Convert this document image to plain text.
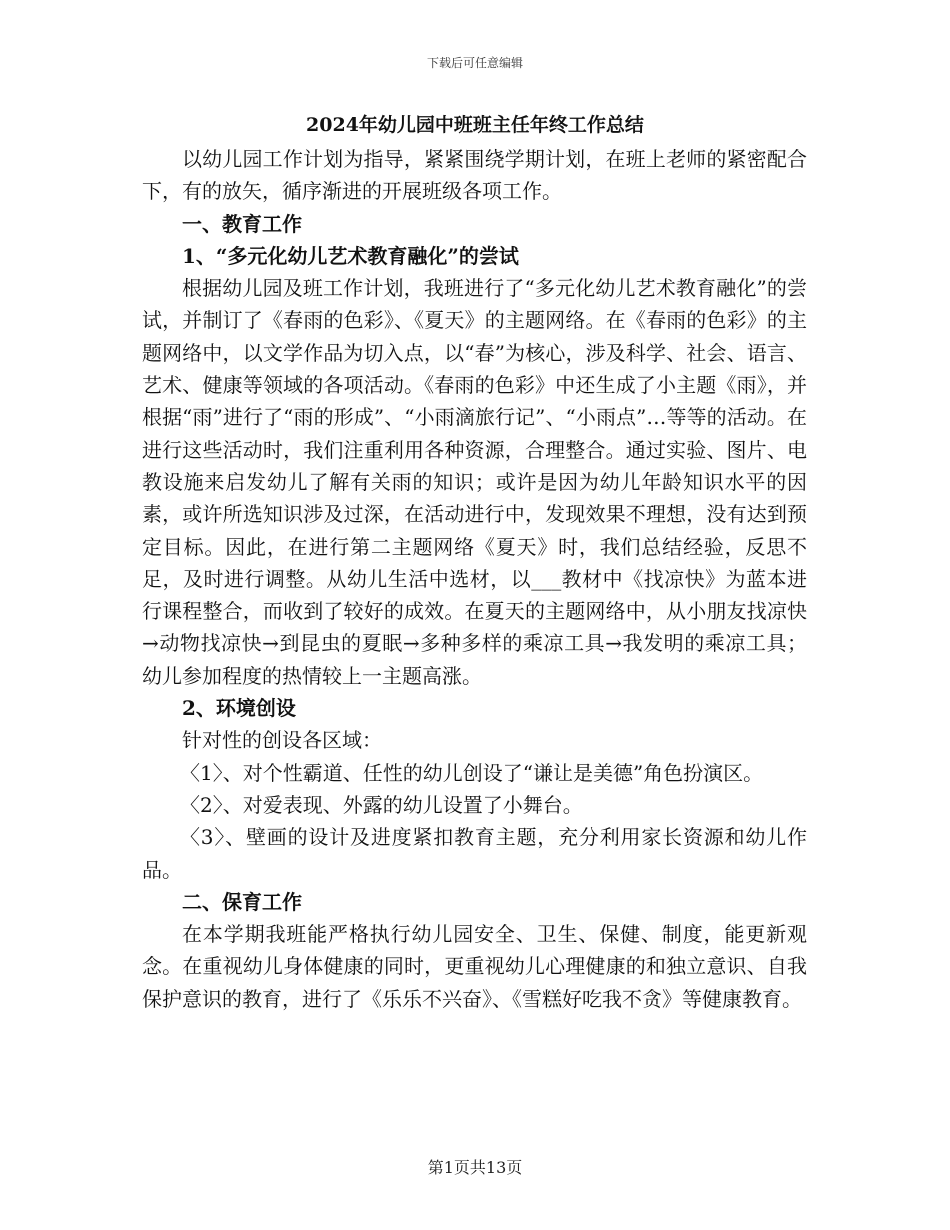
下载后可任意编辑
2024年幼儿园中班班主任年终工作总结

以幼儿园工作计划为指导，紧紧围绕学期计划，在班上老师的紧密配合下，有的放矢，循序渐进的开展班级各项工作。

一、教育工作
1、“多元化幼儿艺术教育融化”的尝试

根据幼儿园及班工作计划，我班进行了“多元化幼儿艺术教育融化”的尝试，并制订了《春雨的色彩》、《夏天》的主题网络。在《春雨的色彩》的主题网络中，以文学作品为切入点，以“春”为核心，涉及科学、社会、语言、艺术、健康等领域的各项活动。《春雨的色彩》中还生成了小主题《雨》，并根据“雨”进行了“雨的形成”、“小雨滴旅行记”、“小雨点”…等等的活动。在进行这些活动时，我们注重利用各种资源，合理整合。通过实验、图片、电教设施来启发幼儿了解有关雨的知识；或许是因为幼儿年龄知识水平的因素，或许所选知识涉及过深，在活动进行中，发现效果不理想，没有达到预定目标。因此，在进行第二主题网络《夏天》时，我们总结经验，反思不足，及时进行调整。从幼儿生活中选材，以___教材中《找凉快》为蓝本进行课程整合，而收到了较好的成效。在夏天的主题网络中，从小朋友找凉快→动物找凉快→到昆虫的夏眠→多种多样的乘凉工具→我发明的乘凉工具；幼儿参加程度的热情较上一主题高涨。

2、环境创设

针对性的创设各区域：

〈1〉、对个性霸道、任性的幼儿创设了“谦让是美德”角色扮演区。

〈2〉、对爱表现、外露的幼儿设置了小舞台。

〈3〉、壁画的设计及进度紧扣教育主题，充分利用家长资源和幼儿作品。

二、保育工作

在本学期我班能严格执行幼儿园安全、卫生、保健、制度，能更新观念。在重视幼儿身体健康的同时，更重视幼儿心理健康的和独立意识、自我保护意识的教育，进行了《乐乐不兴奋》、《雪糕好吃我不贪》等健康教育。

第1页共13页
